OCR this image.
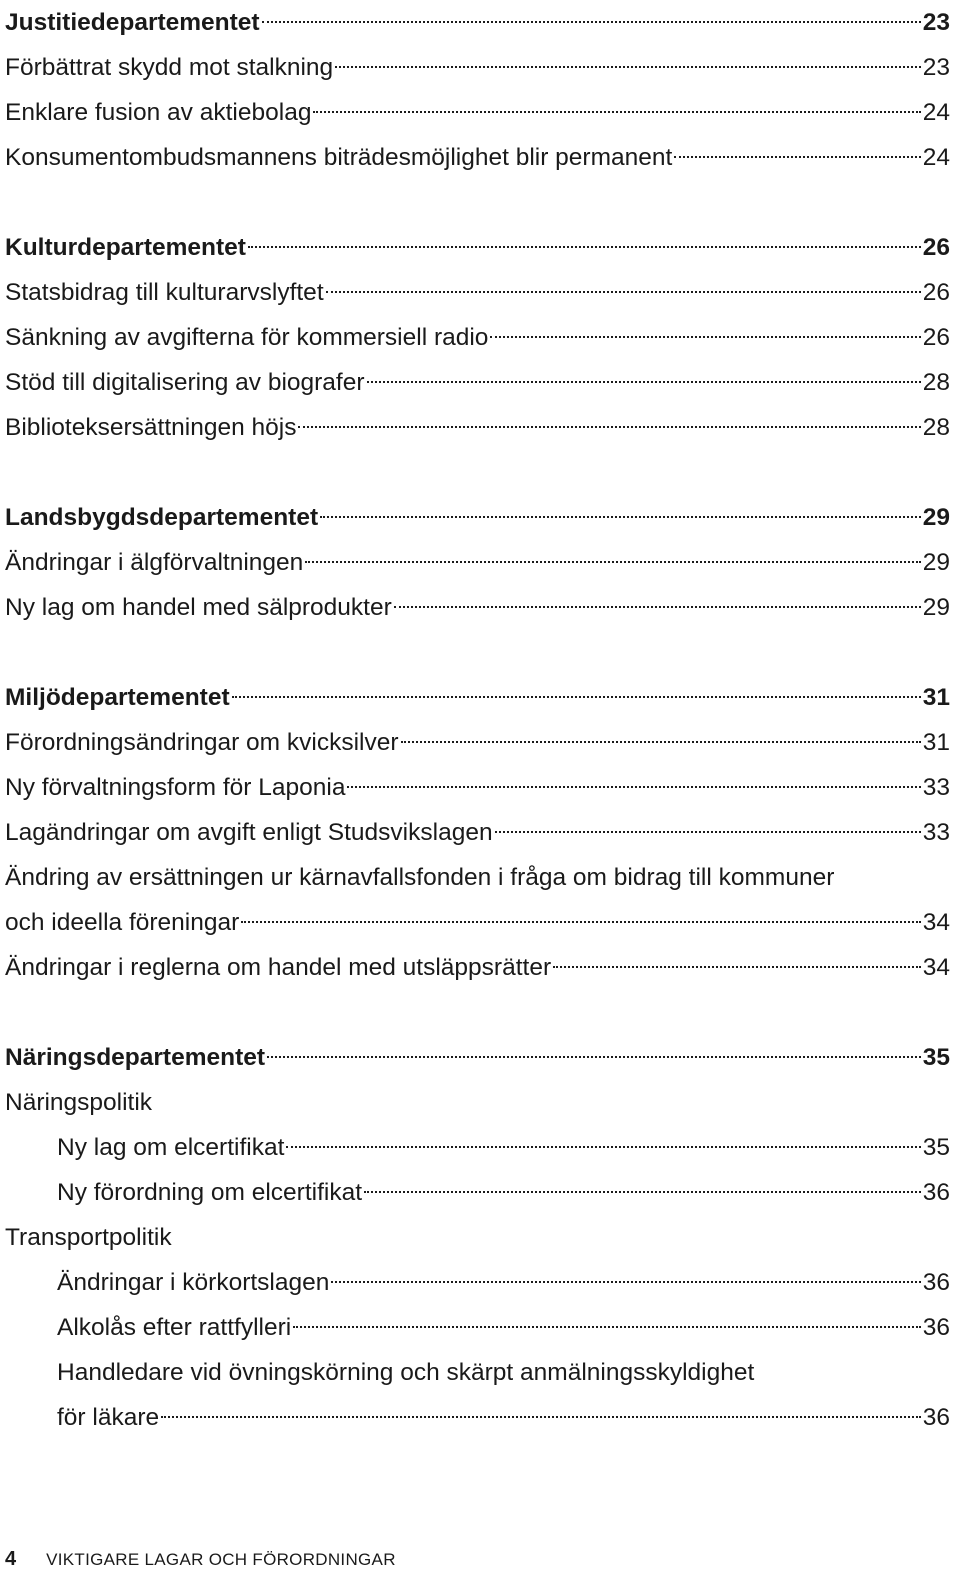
Justitiedepartementet	23
Förbättrat skydd mot stalkning	23
Enklare fusion av aktiebolag	24
Konsumentombudsmannens biträdesmöjlighet blir permanent	24
Kulturdepartementet	26
Statsbidrag till kulturarvslyftet	26
Sänkning av avgifterna för kommersiell radio	26
Stöd till digitalisering av biografer	28
Biblioteksersättningen höjs	28
Landsbygdsdepartementet	29
Ändringar i älgförvaltningen	29
Ny lag om handel med sälprodukter	29
Miljödepartementet	31
Förordningsändringar om kvicksilver	31
Ny förvaltningsform för Laponia	33
Lagändringar om avgift enligt Studsvikslagen	33
Ändring av ersättningen ur kärnavfallsfonden i fråga om bidrag till kommuner
och ideella föreningar	34
Ändringar i reglerna om handel med utsläppsrätter	34
Näringsdepartementet	35
Näringspolitik
Ny lag om elcertifikat	35
Ny förordning om elcertifikat	36
Transportpolitik
Ändringar i körkortslagen	36
Alkolås efter rattfylleri	36
Handledare vid övningskörning och skärpt anmälningsskyldighet
för läkare	36
4 VIKTIGARE LAGAR OCH FÖRORDNINGAR
